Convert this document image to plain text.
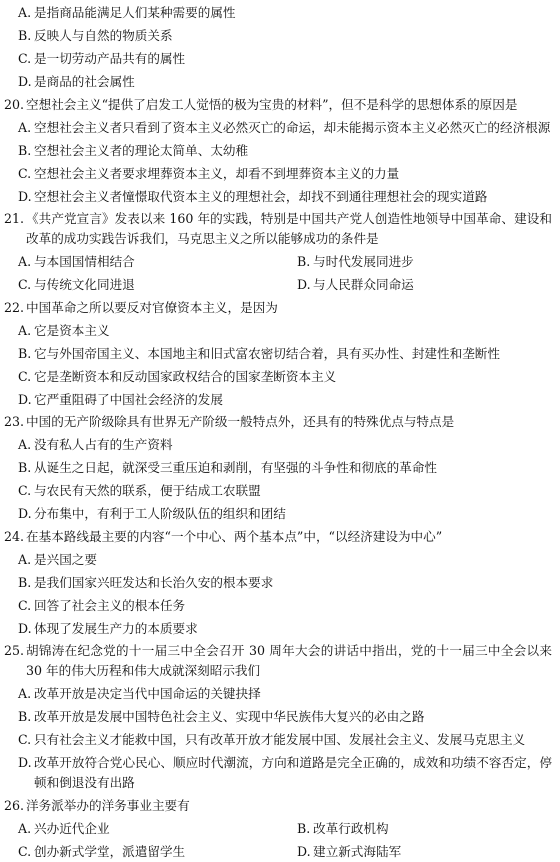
A. 是指商品能满足人们某种需要的属性
B. 反映人与自然的物质关系
C. 是一切劳动产品共有的属性
D. 是商品的社会属性
20. 空想社会主义“提供了启发工人觉悟的极为宝贵的材料”，但不是科学的思想体系的原因是
A. 空想社会主义者只看到了资本主义必然灭亡的命运，却未能揭示资本主义必然灭亡的经济根源
B. 空想社会主义者的理论太简单、太幼稚
C. 空想社会主义者要求埋葬资本主义，却看不到埋葬资本主义的力量
D. 空想社会主义者憧憬取代资本主义的理想社会，却找不到通往理想社会的现实道路
21. 《共产党宣言》发表以来 160 年的实践，特别是中国共产党人创造性地领导中国革命、建设和改革的成功实践告诉我们，马克思主义之所以能够成功的条件是
A. 与本国国情相结合	B. 与时代发展同进步
C. 与传统文化同进退	D. 与人民群众同命运
22. 中国革命之所以要反对官僚资本主义，是因为
A. 它是资本主义
B. 它与外国帝国主义、本国地主和旧式富农密切结合着，具有买办性、封建性和垄断性
C. 它是垄断资本和反动国家政权结合的国家垄断资本主义
D. 它严重阻碍了中国社会经济的发展
23. 中国的无产阶级除具有世界无产阶级一般特点外，还具有的特殊优点与特点是
A. 没有私人占有的生产资料
B. 从诞生之日起，就深受三重压迫和剥削，有坚强的斗争性和彻底的革命性
C. 与农民有天然的联系，便于结成工农联盟
D. 分布集中，有利于工人阶级队伍的组织和团结
24. 在基本路线最主要的内容“一个中心、两个基本点”中，“以经济建设为中心”
A. 是兴国之要
B. 是我们国家兴旺发达和长治久安的根本要求
C. 回答了社会主义的根本任务
D. 体现了发展生产力的本质要求
25. 胡锦涛在纪念党的十一届三中全会召开 30 周年大会的讲话中指出，党的十一届三中全会以来 30 年的伟大历程和伟大成就深刻昭示我们
A. 改革开放是决定当代中国命运的关键抉择
B. 改革开放是发展中国特色社会主义、实现中华民族伟大复兴的必由之路
C. 只有社会主义才能救中国，只有改革开放才能发展中国、发展社会主义、发展马克思主义
D. 改革开放符合党心民心、顺应时代潮流，方向和道路是完全正确的，成效和功绩不容否定，停顿和倒退没有出路
26. 洋务派举办的洋务事业主要有
A. 兴办近代企业	B. 改革行政机构
C. 创办新式学堂，派遣留学生	D. 建立新式海陆军
